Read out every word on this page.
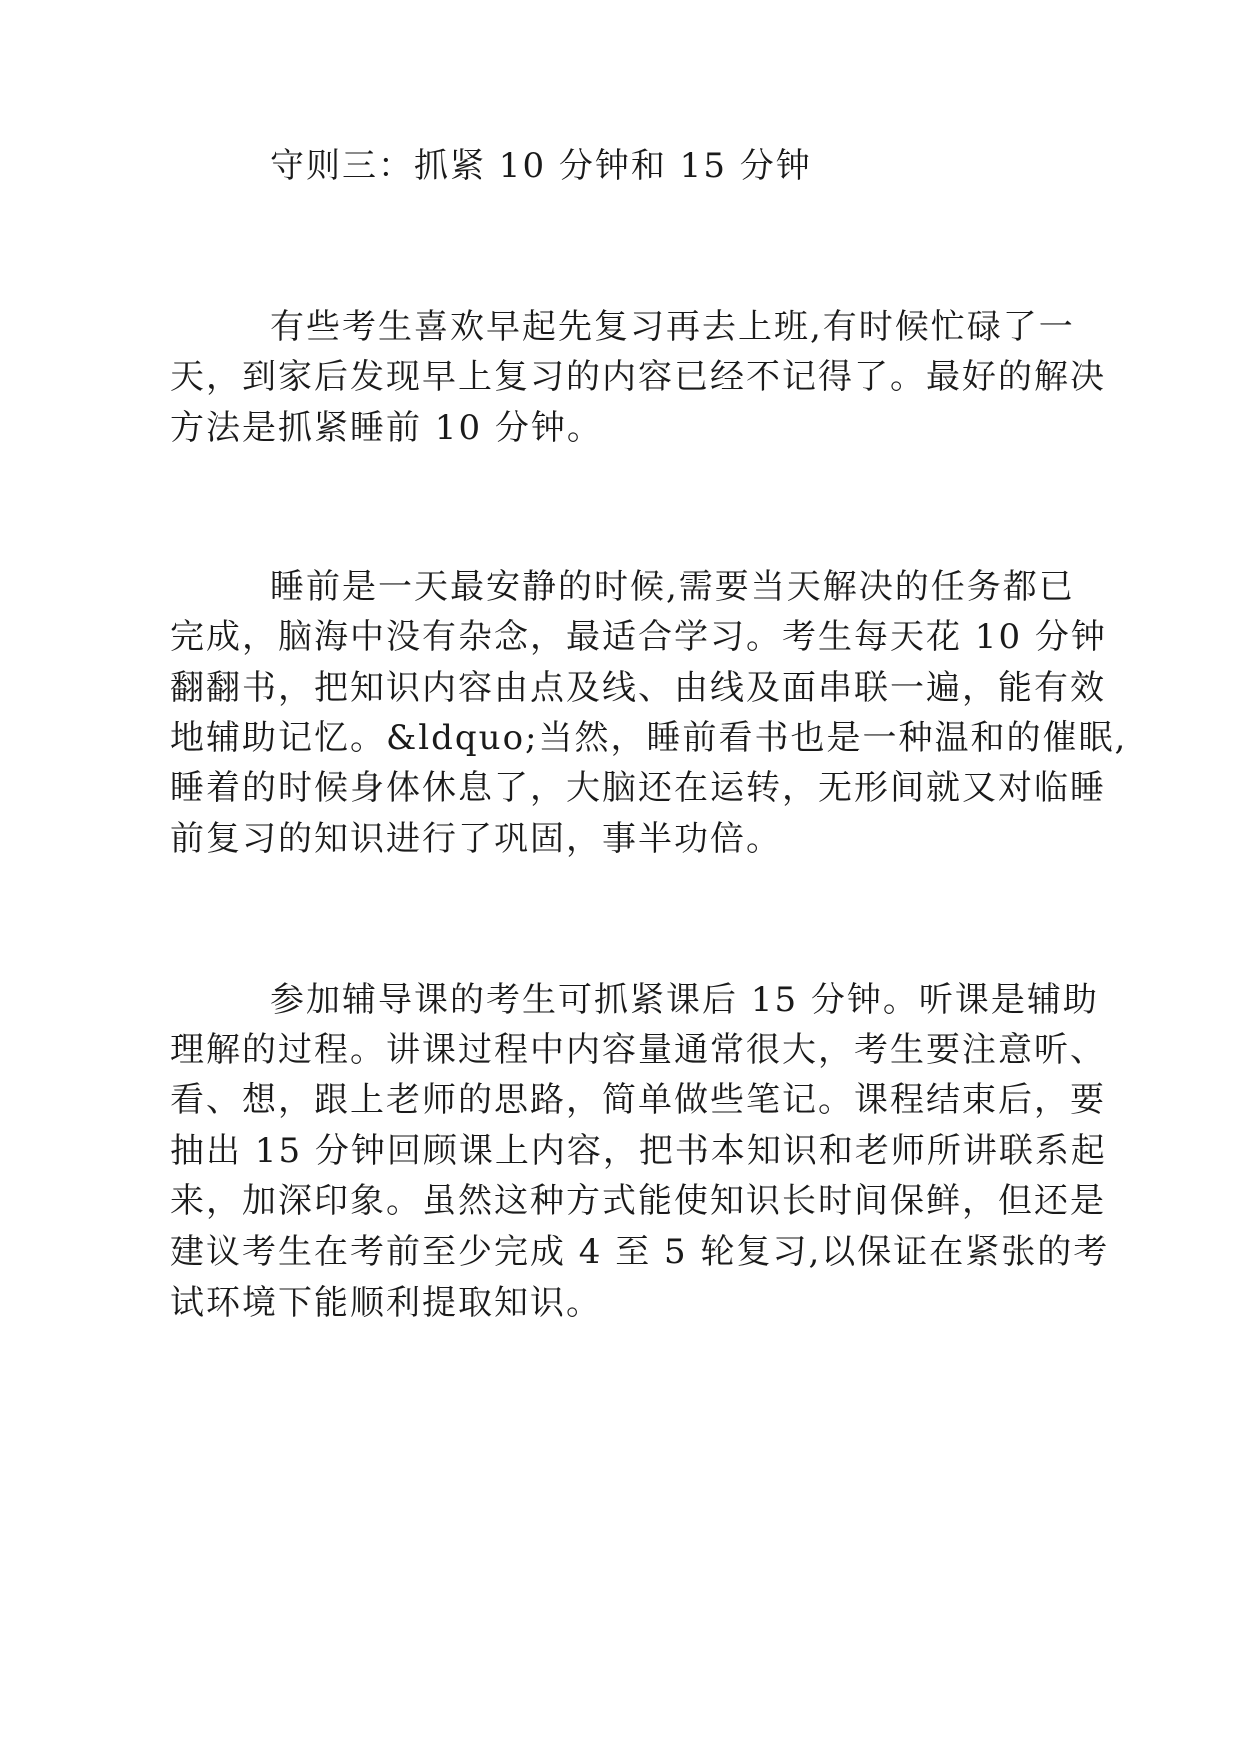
守则三：抓紧 10 分钟和 15 分钟
有些考生喜欢早起先复习再去上班,有时候忙碌了一
天，到家后发现早上复习的内容已经不记得了。最好的解决
方法是抓紧睡前 10 分钟。
睡前是一天最安静的时候,需要当天解决的任务都已
完成，脑海中没有杂念，最适合学习。考生每天花 10 分钟
翻翻书，把知识内容由点及线、由线及面串联一遍，能有效
地辅助记忆。&ldquo;当然，睡前看书也是一种温和的催眠,
睡着的时候身体休息了，大脑还在运转，无形间就又对临睡
前复习的知识进行了巩固，事半功倍。
参加辅导课的考生可抓紧课后 15 分钟。听课是辅助
理解的过程。讲课过程中内容量通常很大，考生要注意听、
看、想，跟上老师的思路，简单做些笔记。课程结束后，要
抽出 15 分钟回顾课上内容，把书本知识和老师所讲联系起
来，加深印象。虽然这种方式能使知识长时间保鲜，但还是
建议考生在考前至少完成 4 至 5 轮复习,以保证在紧张的考
试环境下能顺利提取知识。
